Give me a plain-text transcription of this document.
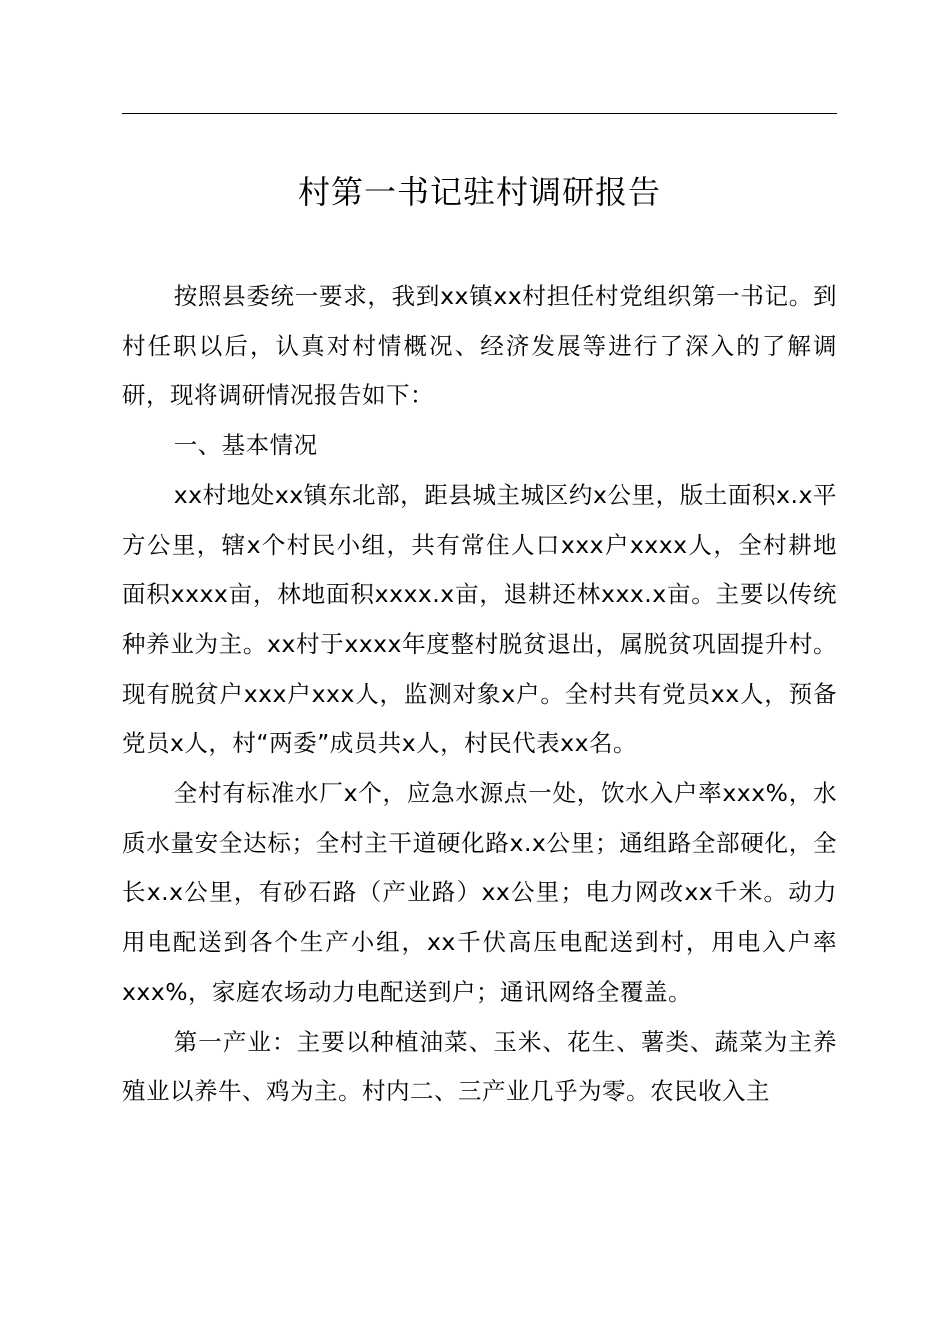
村第一书记驻村调研报告

按照县委统一要求，我到xx镇xx村担任村党组织第一书记。到村任职以后，认真对村情概况、经济发展等进行了深入的了解调研，现将调研情况报告如下：

一、基本情况

xx村地处xx镇东北部，距县城主城区约x公里，版土面积x.x平方公里，辖x个村民小组，共有常住人口xxx户xxxx人，全村耕地面积xxxx亩，林地面积xxxx.x亩，退耕还林xxx.x亩。主要以传统种养业为主。xx村于xxxx年度整村脱贫退出，属脱贫巩固提升村。现有脱贫户xxx户xxx人，监测对象x户。全村共有党员xx人，预备党员x人，村“两委”成员共x人，村民代表xx名。

全村有标准水厂x个，应急水源点一处，饮水入户率xxx%，水质水量安全达标；全村主干道硬化路x.x公里；通组路全部硬化，全长x.x公里，有砂石路（产业路）xx公里；电力网改xx千米。动力用电配送到各个生产小组，xx千伏高压电配送到村，用电入户率xxx%，家庭农场动力电配送到户；通讯网络全覆盖。

第一产业：主要以种植油菜、玉米、花生、薯类、蔬菜为主养殖业以养牛、鸡为主。村内二、三产业几乎为零。农民收入主
